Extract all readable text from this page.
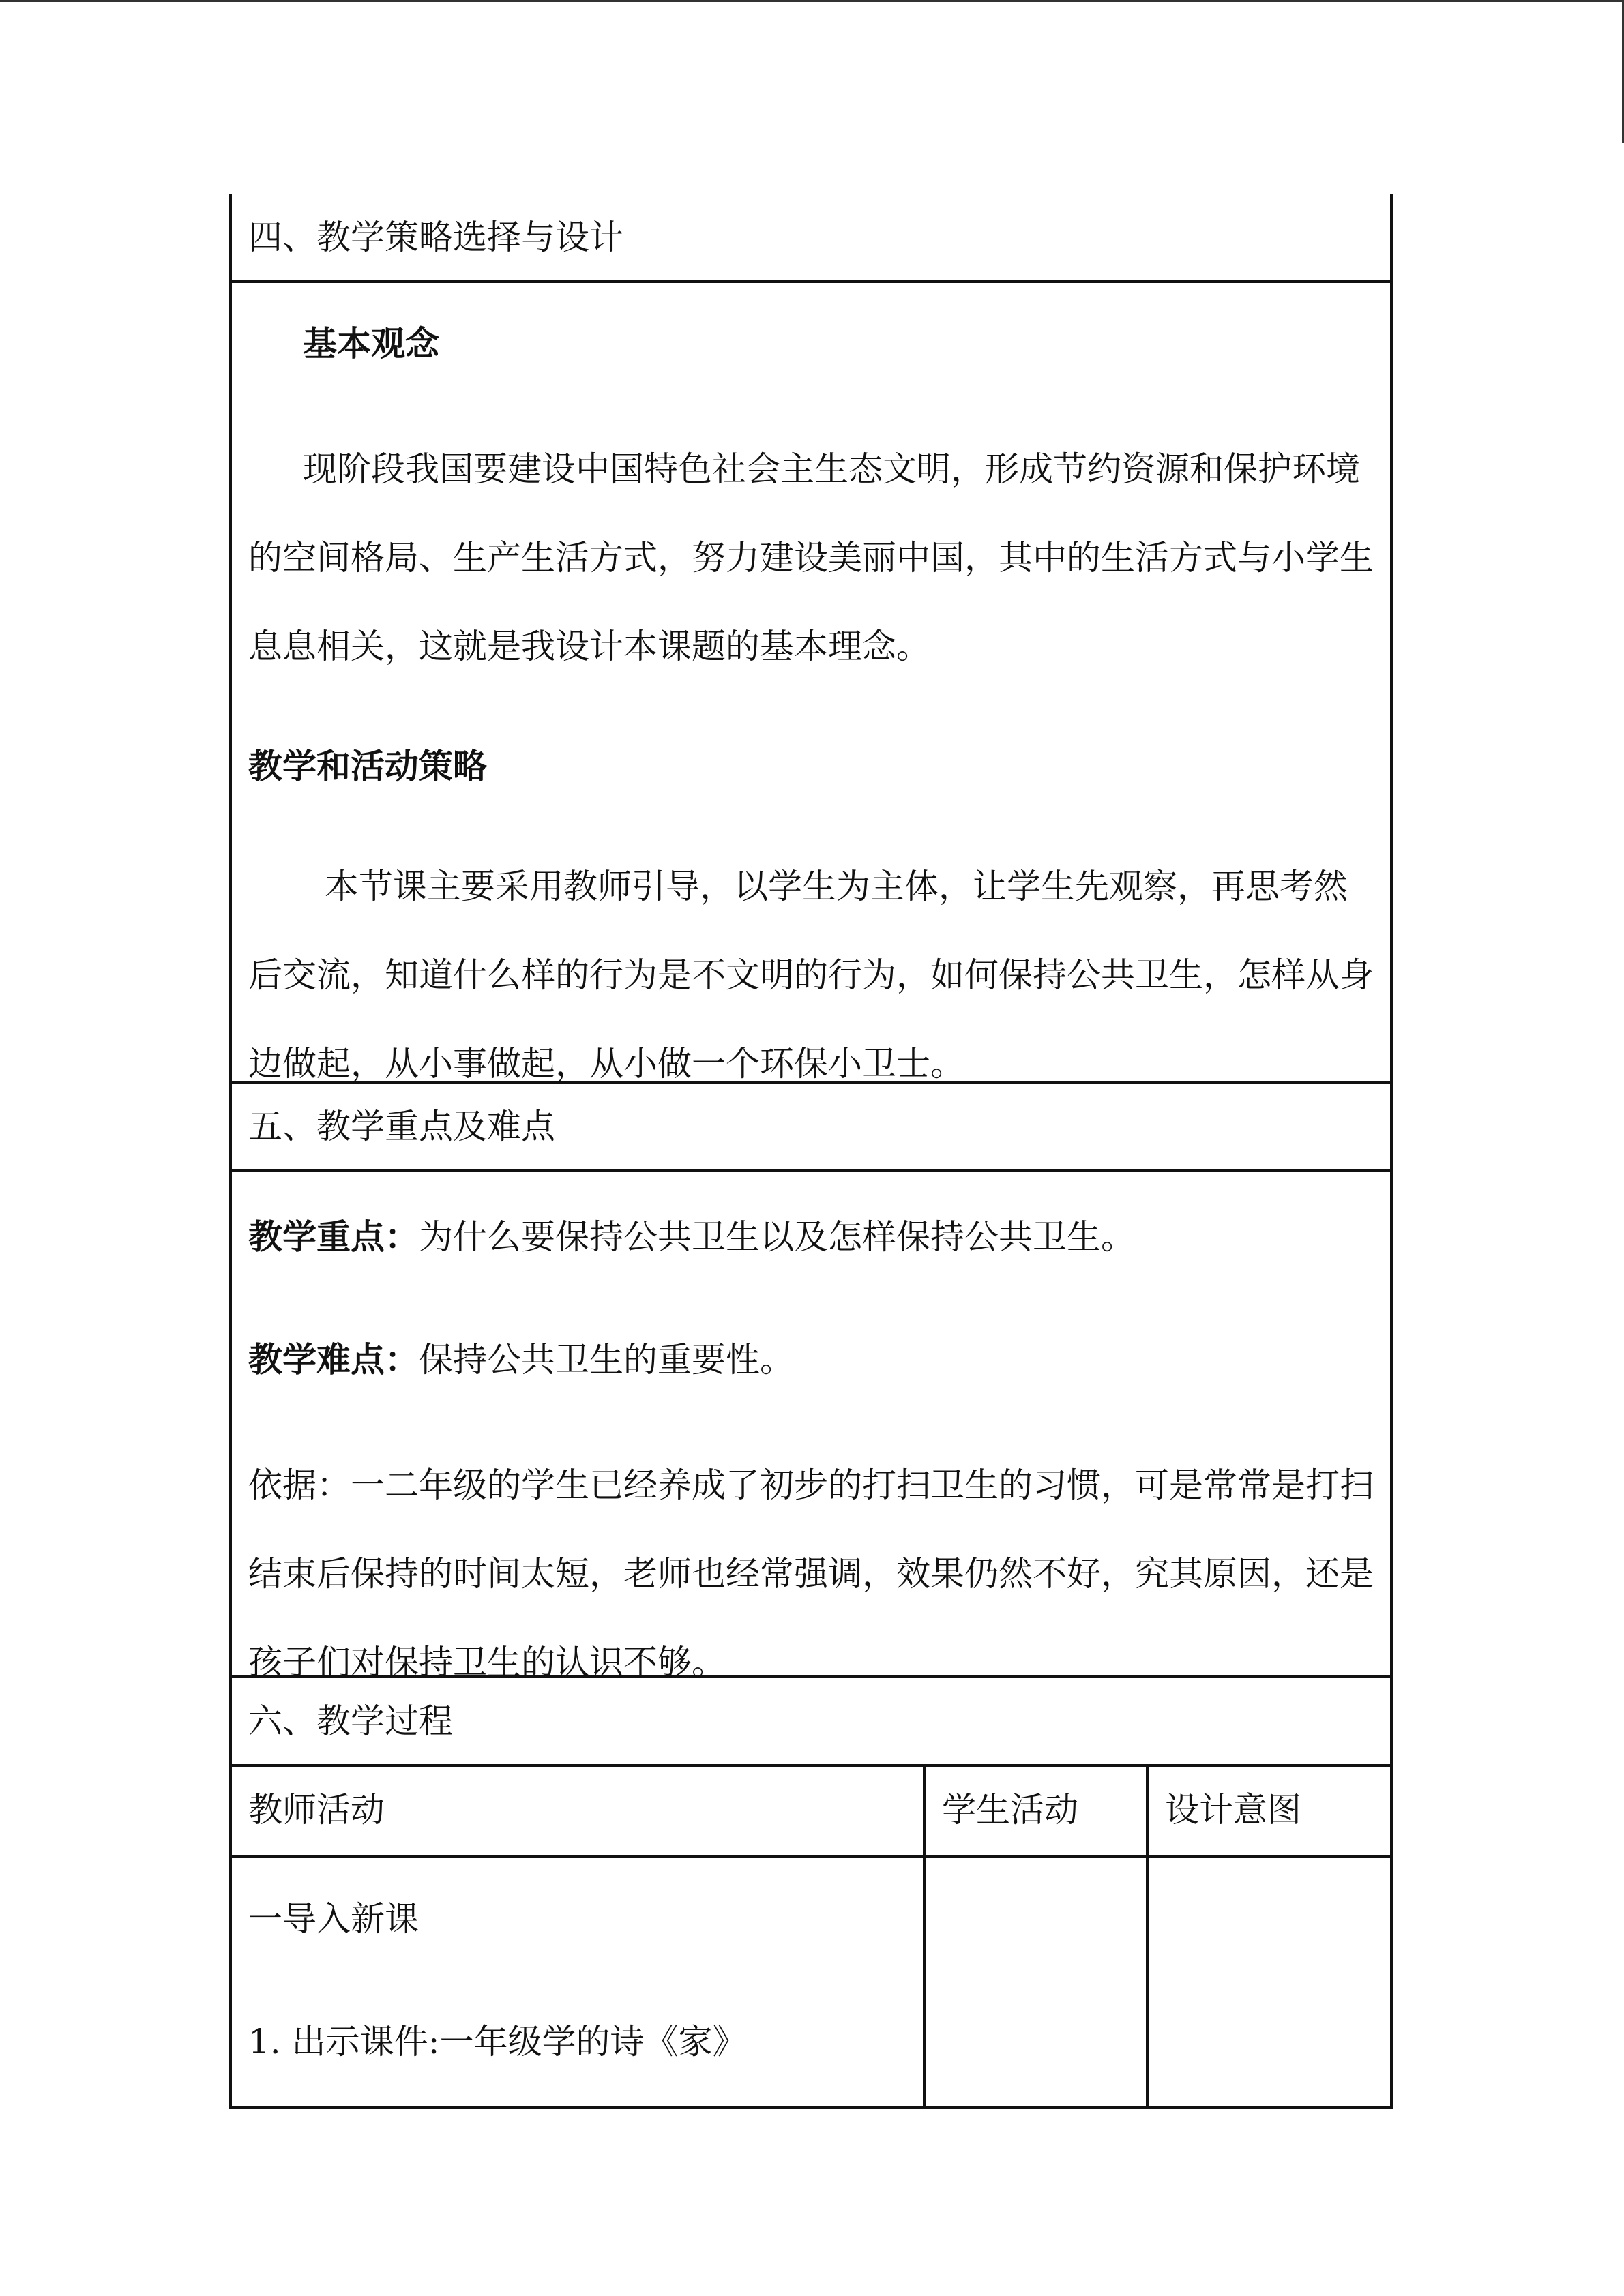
四、教学策略选择与设计

基本观念

现阶段我国要建设中国特色社会主生态文明，形成节约资源和保护环境的空间格局、生产生活方式，努力建设美丽中国，其中的生活方式与小学生息息相关，这就是我设计本课题的基本理念。

教学和活动策略

本节课主要采用教师引导，以学生为主体，让学生先观察，再思考然后交流，知道什么样的行为是不文明的行为，如何保持公共卫生，怎样从身边做起，从小事做起，从小做一个环保小卫士。

五、教学重点及难点

教学重点：为什么要保持公共卫生以及怎样保持公共卫生。

教学难点：保持公共卫生的重要性。

依据：一二年级的学生已经养成了初步的打扫卫生的习惯，可是常常是打扫结束后保持的时间太短，老师也经常强调，效果仍然不好，究其原因，还是孩子们对保持卫生的认识不够。

六、教学过程
教师活动	学生活动	设计意图

一导入新课

1. 出示课件:一年级学的诗《家》
